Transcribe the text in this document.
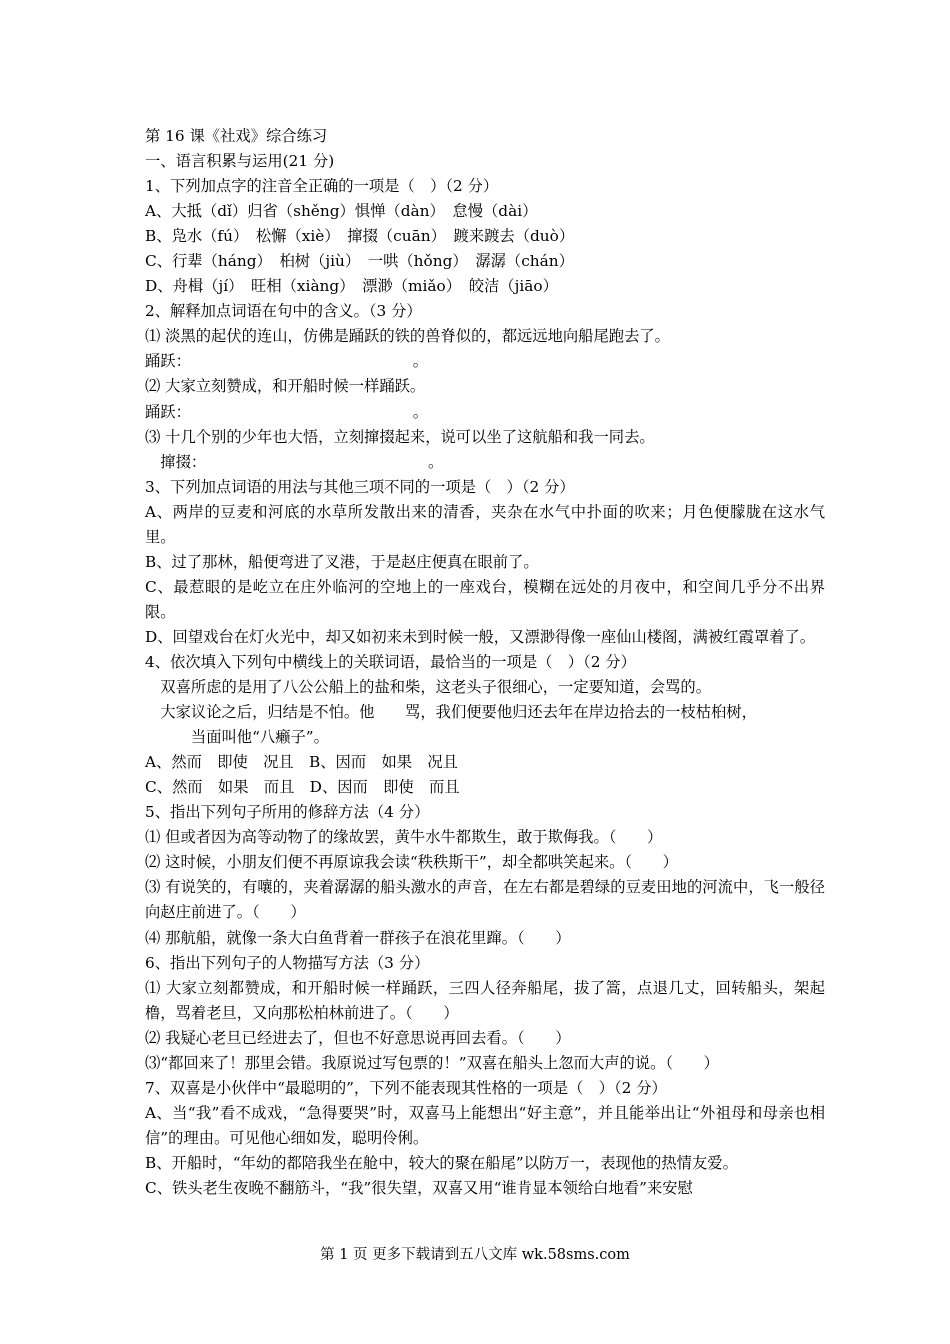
第 16 课《社戏》综合练习
一、语言积累与运用(21 分)
1、下列加点字的注音全正确的一项是（　）（2 分）
A、大抵（dǐ）归省（shěng）惧惮（dàn）　怠慢（dài）
B、凫水（fú）　松懈（xiè）　撺掇（cuān）　踱来踱去（duò）
C、行辈（háng）　桕树（jiù）　一哄（hǒng）　潺潺（chán）
D、舟楫（jí）　旺相（xiàng）　漂渺（miǎo）　皎洁（jiāo）
2、解释加点词语在句中的含义。（3 分）
⑴ 淡黑的起伏的连山，仿佛是踊跃的铁的兽脊似的，都远远地向船尾跑去了。
踊跃：　　　　　　　　　　　　　　　。
⑵ 大家立刻赞成，和开船时候一样踊跃。
踊跃：　　　　　　　　　　　　　　　。
⑶ 十几个别的少年也大悟，立刻撺掇起来，说可以坐了这航船和我一同去。
　撺掇：　　　　　　　　　　　　　　　。
3、下列加点词语的用法与其他三项不同的一项是（　）（2 分）
A、两岸的豆麦和河底的水草所发散出来的清香，夹杂在水气中扑面的吹来；月色便朦胧在这水气里。
B、过了那林，船便弯进了叉港，于是赵庄便真在眼前了。
C、最惹眼的是屹立在庄外临河的空地上的一座戏台，模糊在远处的月夜中，和空间几乎分不出界限。
D、回望戏台在灯火光中，却又如初来未到时候一般，又漂渺得像一座仙山楼阁，满被红霞罩着了。
4、依次填入下列句中横线上的关联词语，最恰当的一项是（　）（2 分）
　双喜所虑的是用了八公公船上的盐和柴，这老头子很细心，一定要知道，会骂的。
　大家议论之后，归结是不怕。他　　骂，我们便要他归还去年在岸边拾去的一枝枯桕树，
　　　当面叫他“八癞子”。
A、然而　即使　况且　B、因而　如果　况且
C、然而　如果　而且　D、因而　即使　而且
5、指出下列句子所用的修辞方法（4 分）
⑴ 但或者因为高等动物了的缘故罢，黄牛水牛都欺生，敢于欺侮我。（　　）
⑵ 这时候，小朋友们便不再原谅我会读“秩秩斯干”，却全都哄笑起来。（　　）
⑶ 有说笑的，有嚷的，夹着潺潺的船头激水的声音，在左右都是碧绿的豆麦田地的河流中，飞一般径向赵庄前进了。（　　）
⑷ 那航船，就像一条大白鱼背着一群孩子在浪花里蹿。（　　）
6、指出下列句子的人物描写方法（3 分）
⑴ 大家立刻都赞成，和开船时候一样踊跃，三四人径奔船尾，拔了篙，点退几丈，回转船头，架起橹，骂着老旦，又向那松柏林前进了。（　　）
⑵ 我疑心老旦已经进去了，但也不好意思说再回去看。（　　）
⑶“都回来了！那里会错。我原说过写包票的！”双喜在船头上忽而大声的说。（　　）
7、双喜是小伙伴中“最聪明的”，下列不能表现其性格的一项是（　）（2 分）
A、当“我”看不成戏，“急得要哭”时，双喜马上能想出“好主意”，并且能举出让“外祖母和母亲也相信”的理由。可见他心细如发，聪明伶俐。
B、开船时，“年幼的都陪我坐在舱中，较大的聚在船尾”以防万一，表现他的热情友爱。
C、铁头老生夜晚不翻筋斗，“我”很失望，双喜又用“谁肯显本领给白地看”来安慰
第 1 页 更多下载请到五八文库 wk.58sms.com
